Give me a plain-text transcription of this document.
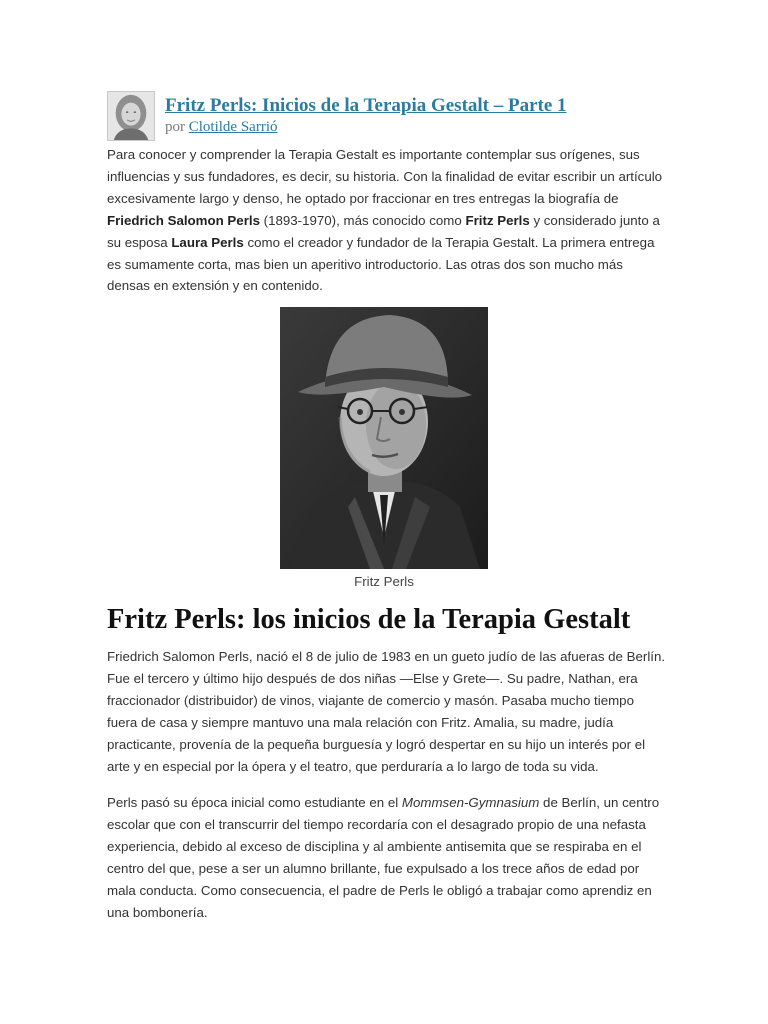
Fritz Perls: Inicios de la Terapia Gestalt – Parte 1
por Clotilde Sarrió

Para conocer y comprender la Terapia Gestalt es importante contemplar sus orígenes, sus influencias y sus fundadores, es decir, su historia. Con la finalidad de evitar escribir un artículo excesivamente largo y denso, he optado por fraccionar en tres entregas la biografía de Friedrich Salomon Perls (1893-1970), más conocido como Fritz Perls y considerado junto a su esposa Laura Perls como el creador y fundador de la Terapia Gestalt. La primera entrega es sumamente corta, mas bien un aperitivo introductorio. Las otras dos son mucho más densas en extensión y en contenido.

Fritz Perls
Fritz Perls: los inicios de la Terapia Gestalt

Friedrich Salomon Perls, nació el 8 de julio de 1983 en un gueto judío de las afueras de Berlín. Fue el tercero y último hijo después de dos niñas —Else y Grete—. Su padre, Nathan, era fraccionador (distribuidor) de vinos, viajante de comercio y masón. Pasaba mucho tiempo fuera de casa y siempre mantuvo una mala relación con Fritz. Amalia, su madre, judía practicante, provenía de la pequeña burguesía y logró despertar en su hijo un interés por el arte y en especial por la ópera y el teatro, que perduraría a lo largo de toda su vida.

Perls pasó su época inicial como estudiante en el Mommsen-Gymnasium de Berlín, un centro escolar que con el transcurrir del tiempo recordaría con el desagrado propio de una nefasta experiencia, debido al exceso de disciplina y al ambiente antisemita que se respiraba en el centro del que, pese a ser un alumno brillante, fue expulsado a los trece años de edad por mala conducta. Como consecuencia, el padre de Perls le obligó a trabajar como aprendiz en una bombonería.
